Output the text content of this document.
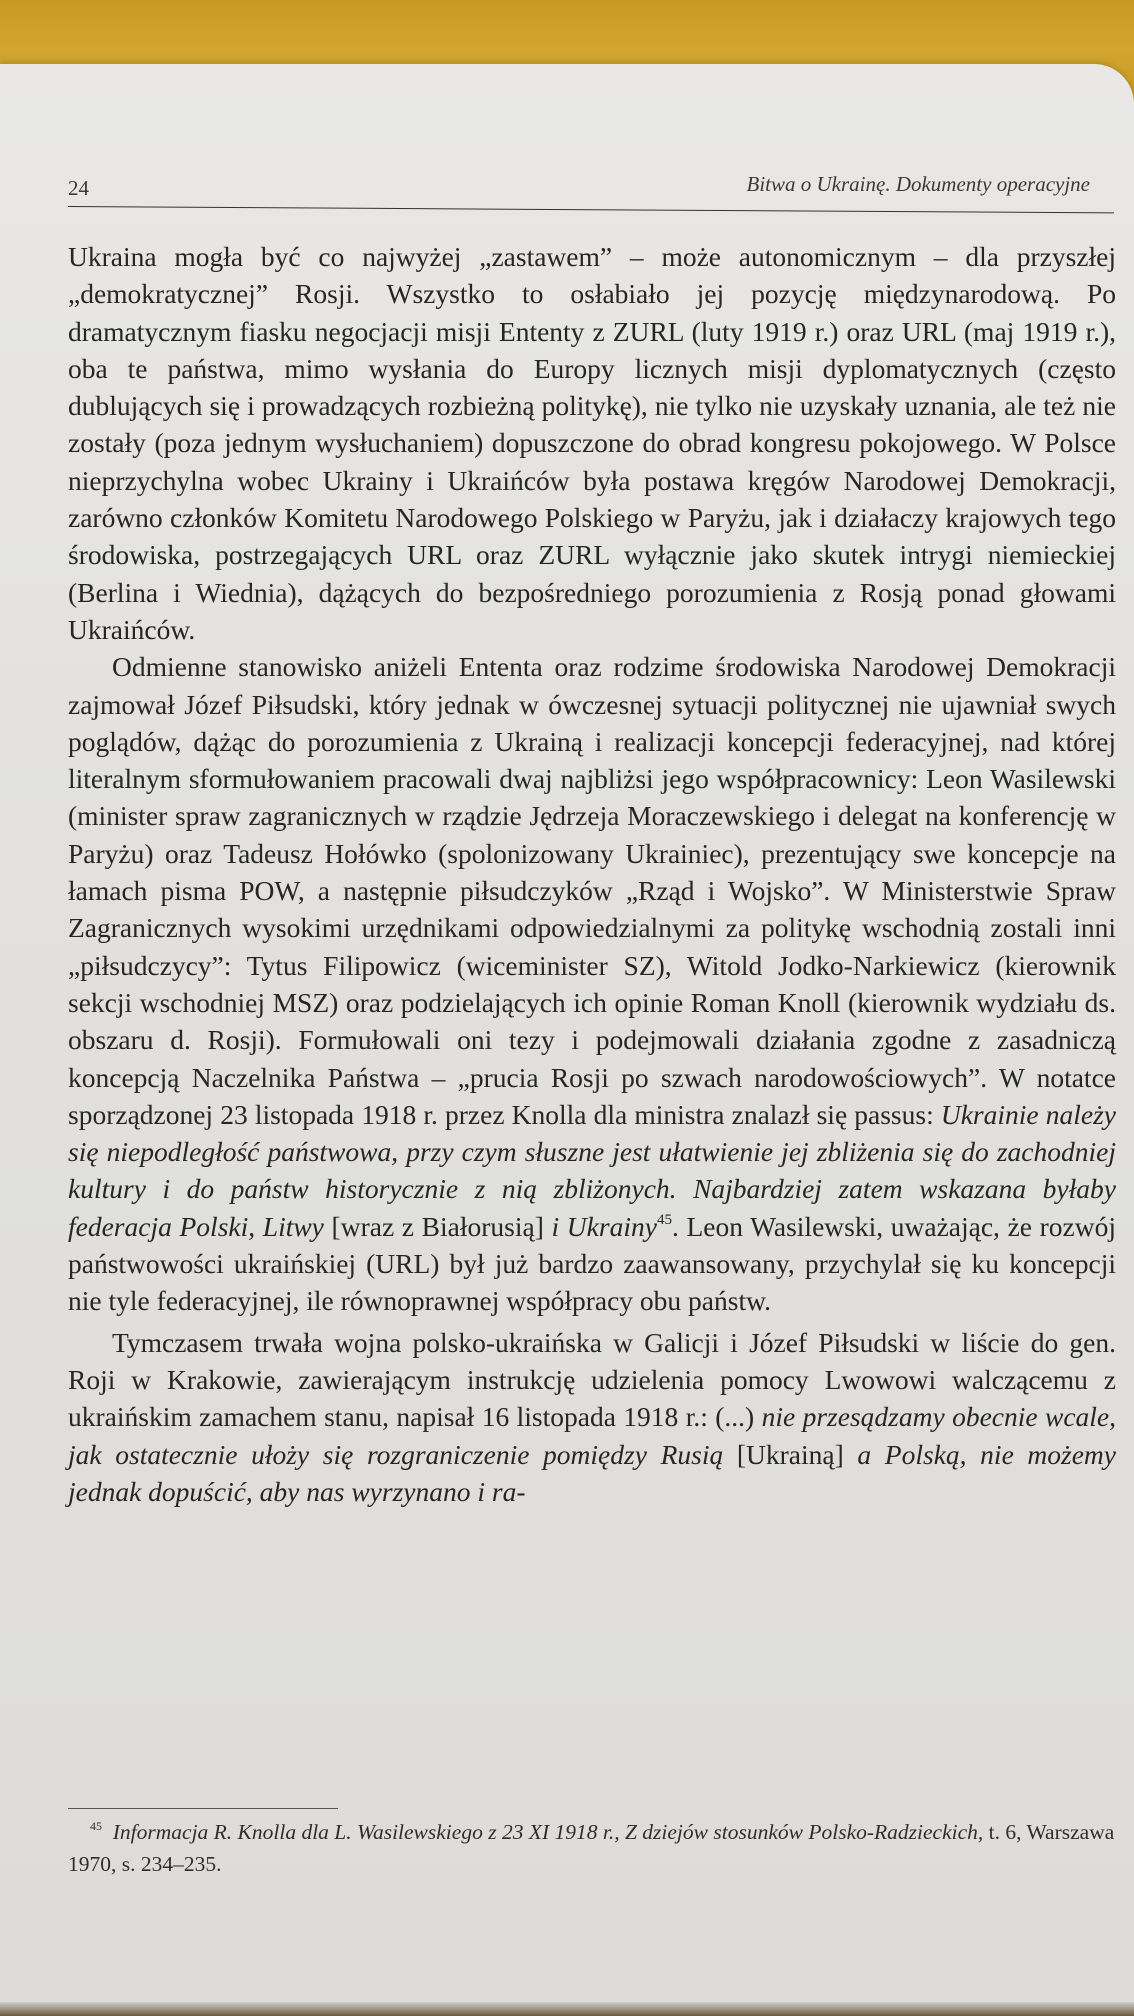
24	Bitwa o Ukrainę. Dokumenty operacyjne

Ukraina mogła być co najwyżej „zastawem” – może autonomicznym – dla przyszłej „demokratycznej” Rosji. Wszystko to osłabiało jej pozycję międzynarodową. Po dramatycznym fiasku negocjacji misji Ententy z ZURL (luty 1919 r.) oraz URL (maj 1919 r.), oba te państwa, mimo wysłania do Europy licznych misji dyplomatycznych (często dublujących się i prowadzących rozbieżną politykę), nie tylko nie uzyskały uznania, ale też nie zostały (poza jednym wysłuchaniem) dopuszczone do obrad kongresu pokojowego. W Polsce nieprzychylna wobec Ukrainy i Ukraińców była postawa kręgów Narodowej Demokracji, zarówno członków Komitetu Narodowego Polskiego w Paryżu, jak i działaczy krajowych tego środowiska, postrzegających URL oraz ZURL wyłącznie jako skutek intrygi niemieckiej (Berlina i Wiednia), dążących do bezpośredniego porozumienia z Rosją ponad głowami Ukraińców.

Odmienne stanowisko aniżeli Ententa oraz rodzime środowiska Narodowej Demokracji zajmował Józef Piłsudski, który jednak w ówczesnej sytuacji politycznej nie ujawniał swych poglądów, dążąc do porozumienia z Ukrainą i realizacji koncepcji federacyjnej, nad której literalnym sformułowaniem pracowali dwaj najbliżsi jego współpracownicy: Leon Wasilewski (minister spraw zagranicznych w rządzie Jędrzeja Moraczewskiego i delegat na konferencję w Paryżu) oraz Tadeusz Hołówko (spolonizowany Ukrainiec), prezentujący swe koncepcje na łamach pisma POW, a następnie piłsudczyków „Rząd i Wojsko”. W Ministerstwie Spraw Zagranicznych wysokimi urzędnikami odpowiedzialnymi za politykę wschodnią zostali inni „piłsudczycy”: Tytus Filipowicz (wiceminister SZ), Witold Jodko-Narkiewicz (kierownik sekcji wschodniej MSZ) oraz podzielających ich opinie Roman Knoll (kierownik wydziału ds. obszaru d. Rosji). Formułowali oni tezy i podejmowali działania zgodne z zasadniczą koncepcją Naczelnika Państwa – „prucia Rosji po szwach narodowościowych”. W notatce sporządzonej 23 listopada 1918 r. przez Knolla dla ministra znalazł się passus: Ukrainie należy się niepodległość państwowa, przy czym słuszne jest ułatwienie jej zbliżenia się do zachodniej kultury i do państw historycznie z nią zbliżonych. Najbardziej zatem wskazana byłaby federacja Polski, Litwy [wraz z Białorusią] i Ukrainy$^{45}$. Leon Wasilewski, uważając, że rozwój państwowości ukraińskiej (URL) był już bardzo zaawansowany, przychylał się ku koncepcji nie tyle federacyjnej, ile równoprawnej współpracy obu państw.

Tymczasem trwała wojna polsko-ukraińska w Galicji i Józef Piłsudski w liście do gen. Roji w Krakowie, zawierającym instrukcję udzielenia pomocy Lwowowi walczącemu z ukraińskim zamachem stanu, napisał 16 listopada 1918 r.: (...) nie przesądzamy obecnie wcale, jak ostatecznie ułoży się rozgraniczenie pomiędzy Rusią [Ukrainą] a Polską, nie możemy jednak dopuścić, aby nas wyrzynano i ra-

$^{45}$ Informacja R. Knolla dla L. Wasilewskiego z 23 XI 1918 r., Z dziejów stosunków Polsko-Radzieckich, t. 6, Warszawa 1970, s. 234–235.
